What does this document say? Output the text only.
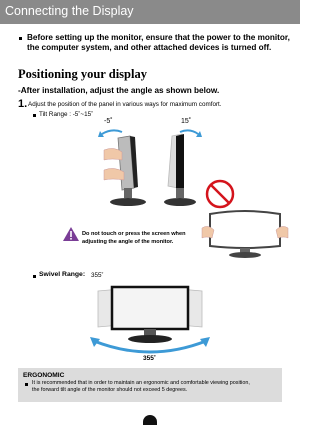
Connecting the Display
Before setting up the monitor, ensure that the power to the monitor,
the computer system, and other attached devices is turned off.
Positioning your display
-After installation, adjust the angle as shown below.
1. Adjust the position of the panel in various ways for maximum comfort.
Tilt Range : -5˚~15˚
-5˚	15˚
Do not touch or press the screen when
adjusting the angle of the monitor.
Swivel Range: 355˚
355˚
ERGONOMIC
It is recommended that in order to maintain an ergonomic and comfortable viewing position,
the forward tilt angle of the monitor should not exceed 5 degrees.
